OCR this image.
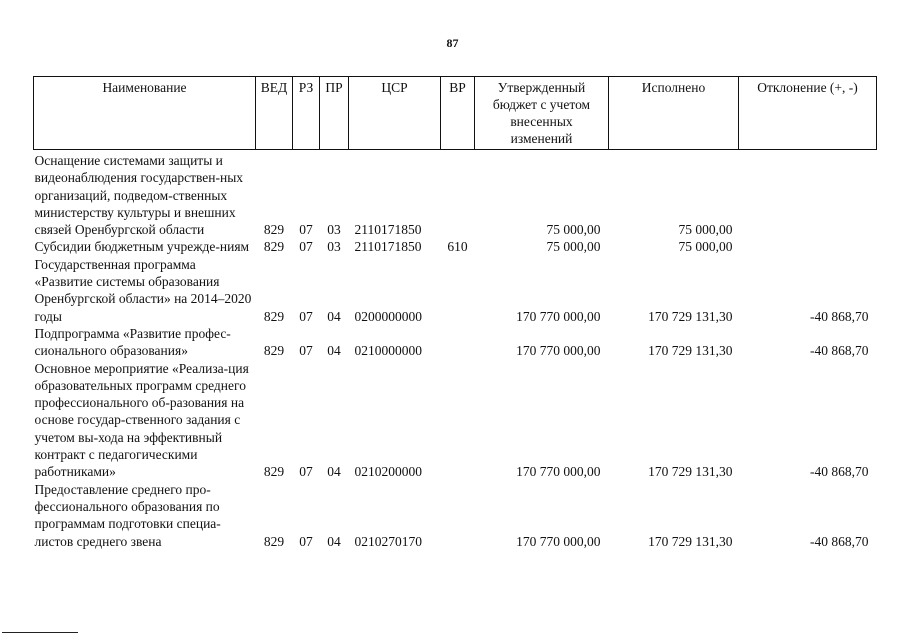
87
Наименование	ВЕД	РЗ	ПР	ЦСР	ВР	Утвержденный бюджет с учетом внесенных изменений	Исполнено	Отклонение (+, -)
Оснащение системами защиты и видеонаблюдения государствен-ных организаций, подведом-ственных министерству культуры и внешних связей Оренбургской области	829	07	03	2110171850		75 000,00	75 000,00	
Субсидии бюджетным учрежде-ниям	829	07	03	2110171850	610	75 000,00	75 000,00	
Государственная программа «Развитие системы образования Оренбургской области» на 2014–2020 годы	829	07	04	0200000000		170 770 000,00	170 729 131,30	-40 868,70
Подпрограмма «Развитие профес-сионального образования»	829	07	04	0210000000		170 770 000,00	170 729 131,30	-40 868,70
Основное мероприятие «Реализа-ция образовательных программ среднего профессионального об-разования на основе государ-ственного задания с учетом вы-хода на эффективный контракт с педагогическими работниками»	829	07	04	0210200000		170 770 000,00	170 729 131,30	-40 868,70
Предоставление среднего про-фессионального образования по программам подготовки специа-листов среднего звена	829	07	04	0210270170		170 770 000,00	170 729 131,30	-40 868,70
